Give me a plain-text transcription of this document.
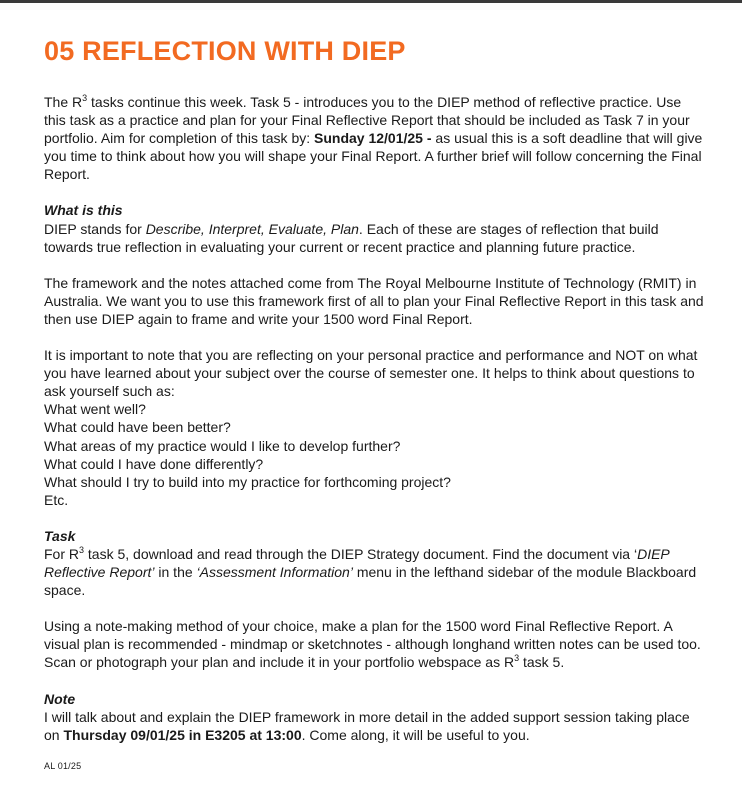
05 REFLECTION WITH DIEP

The $R^3$ tasks continue this week. Task 5 - introduces you to the DIEP method of reflective practice. Use this task as a practice and plan for your Final Reflective Report that should be included as Task 7 in your portfolio. Aim for completion of this task by: Sunday 12/01/25 - as usual this is a soft deadline that will give you time to think about how you will shape your Final Report. A further brief will follow concerning the Final Report.

What is this

DIEP stands for Describe, Interpret, Evaluate, Plan. Each of these are stages of reflection that build towards true reflection in evaluating your current or recent practice and planning future practice.

The framework and the notes attached come from The Royal Melbourne Institute of Technology (RMIT) in Australia. We want you to use this framework first of all to plan your Final Reflective Report in this task and then use DIEP again to frame and write your 1500 word Final Report.

It is important to note that you are reflecting on your personal practice and performance and NOT on what you have learned about your subject over the course of semester one. It helps to think about questions to ask yourself such as:

What went well?

What could have been better?

What areas of my practice would I like to develop further?

What could I have done differently?

What should I try to build into my practice for forthcoming project?

Etc.

Task

For $R^3$ task 5, download and read through the DIEP Strategy document. Find the document via ‘DIEP Reflective Report’ in the ‘Assessment Information’ menu in the lefthand sidebar of the module Blackboard space.

Using a note-making method of your choice, make a plan for the 1500 word Final Reflective Report. A visual plan is recommended - mindmap or sketchnotes - although longhand written notes can be used too. Scan or photograph your plan and include it in your portfolio webspace as $R^3$ task 5.

Note

I will talk about and explain the DIEP framework in more detail in the added support session taking place on Thursday 09/01/25 in E3205 at 13:00. Come along, it will be useful to you.

AL 01/25
